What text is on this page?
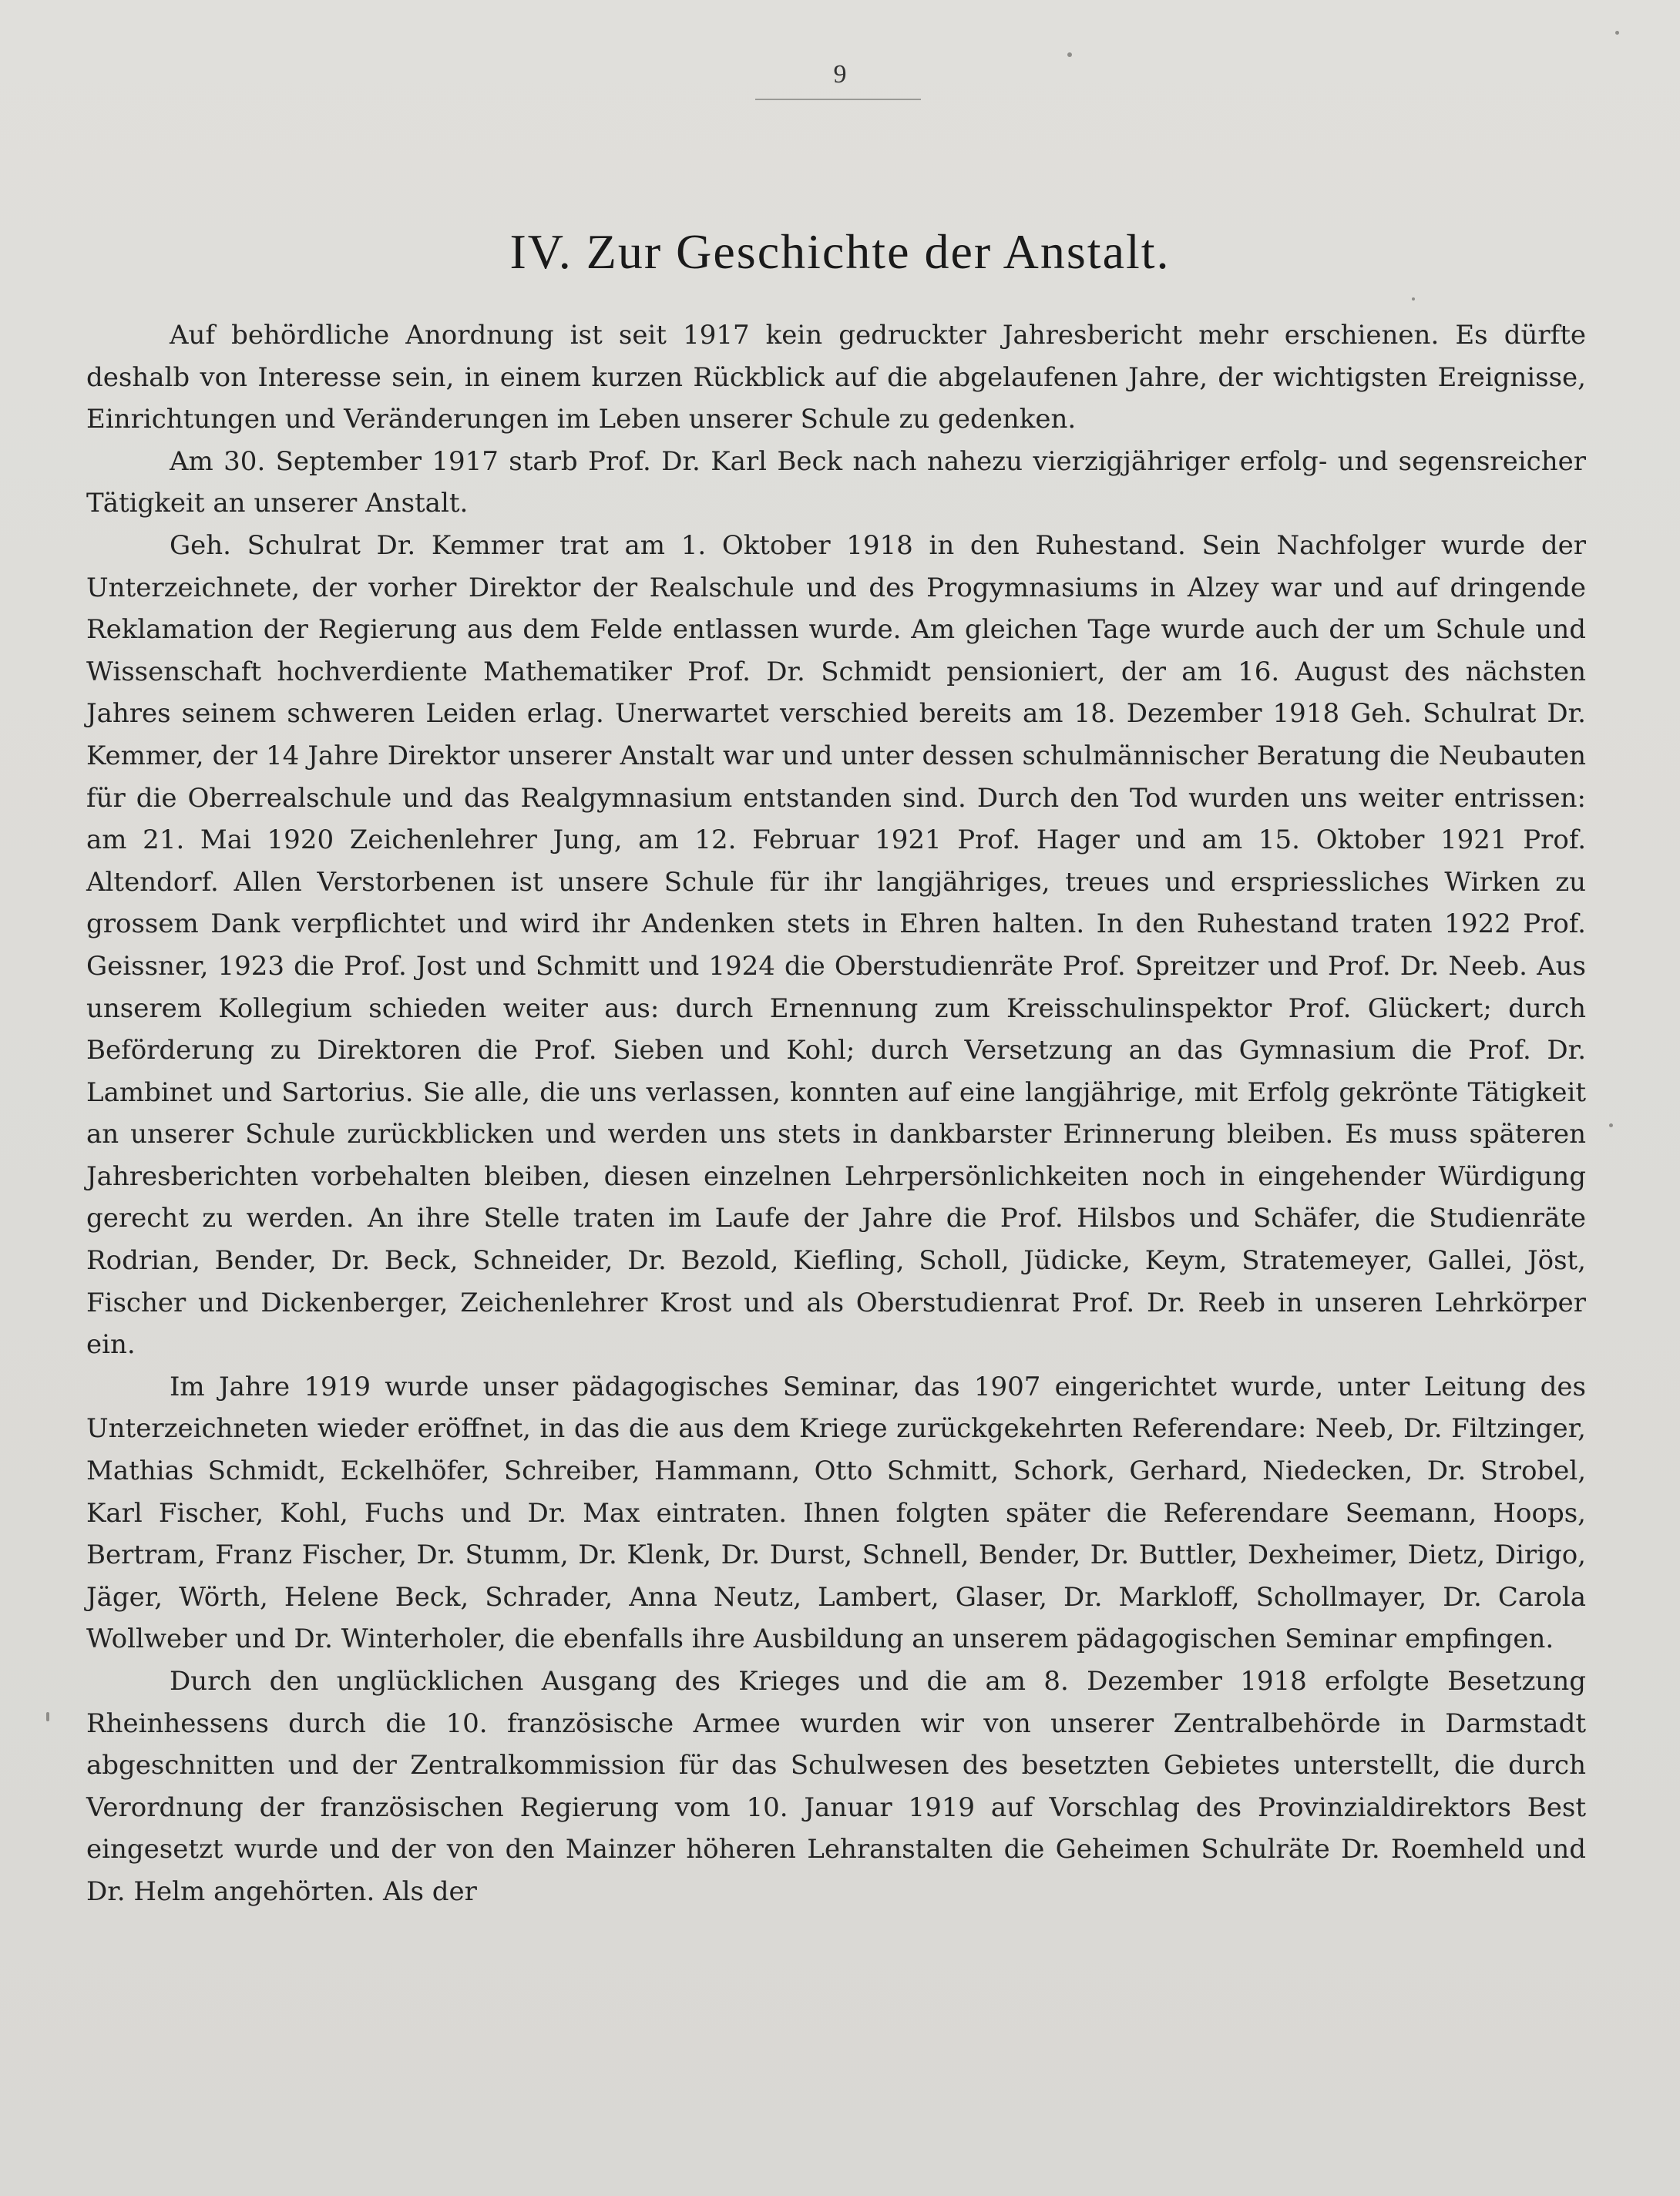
9
IV. Zur Geschichte der Anstalt.

Auf behördliche Anordnung ist seit 1917 kein gedruckter Jahresbericht mehr erschienen. Es dürfte deshalb von Interesse sein, in einem kurzen Rückblick auf die abgelaufenen Jahre, der wichtigsten Ereignisse, Einrichtungen und Veränderungen im Leben unserer Schule zu gedenken.

Am 30. September 1917 starb Prof. Dr. Karl Beck nach nahezu vierzigjähriger erfolg- und segensreicher Tätigkeit an unserer Anstalt.

Geh. Schulrat Dr. Kemmer trat am 1. Oktober 1918 in den Ruhestand. Sein Nachfolger wurde der Unterzeichnete, der vorher Direktor der Realschule und des Progymnasiums in Alzey war und auf dringende Reklamation der Regierung aus dem Felde entlassen wurde. Am gleichen Tage wurde auch der um Schule und Wissenschaft hochverdiente Mathematiker Prof. Dr. Schmidt pensioniert, der am 16. August des nächsten Jahres seinem schweren Leiden erlag. Unerwartet verschied bereits am 18. Dezember 1918 Geh. Schulrat Dr. Kemmer, der 14 Jahre Direktor unserer Anstalt war und unter dessen schulmännischer Beratung die Neubauten für die Oberrealschule und das Realgymnasium entstanden sind. Durch den Tod wurden uns weiter entrissen: am 21. Mai 1920 Zeichenlehrer Jung, am 12. Februar 1921 Prof. Hager und am 15. Oktober 1921 Prof. Altendorf. Allen Verstorbenen ist unsere Schule für ihr langjähriges, treues und erspriessliches Wirken zu grossem Dank verpflichtet und wird ihr Andenken stets in Ehren halten. In den Ruhestand traten 1922 Prof. Geissner, 1923 die Prof. Jost und Schmitt und 1924 die Oberstudienräte Prof. Spreitzer und Prof. Dr. Neeb. Aus unserem Kollegium schieden weiter aus: durch Ernennung zum Kreisschulinspektor Prof. Glückert; durch Beförderung zu Direktoren die Prof. Sieben und Kohl; durch Versetzung an das Gymnasium die Prof. Dr. Lambinet und Sartorius. Sie alle, die uns verlassen, konnten auf eine langjährige, mit Erfolg gekrönte Tätigkeit an unserer Schule zurückblicken und werden uns stets in dankbarster Erinnerung bleiben. Es muss späteren Jahresberichten vorbehalten bleiben, diesen einzelnen Lehrpersönlichkeiten noch in eingehender Würdigung gerecht zu werden. An ihre Stelle traten im Laufe der Jahre die Prof. Hilsbos und Schäfer, die Studienräte Rodrian, Bender, Dr. Beck, Schneider, Dr. Bezold, Kiefling, Scholl, Jüdicke, Keym, Stratemeyer, Gallei, Jöst, Fischer und Dickenberger, Zeichenlehrer Krost und als Oberstudienrat Prof. Dr. Reeb in unseren Lehrkörper ein.

Im Jahre 1919 wurde unser pädagogisches Seminar, das 1907 eingerichtet wurde, unter Leitung des Unterzeichneten wieder eröffnet, in das die aus dem Kriege zurückgekehrten Referendare: Neeb, Dr. Filtzinger, Mathias Schmidt, Eckelhöfer, Schreiber, Hammann, Otto Schmitt, Schork, Gerhard, Niedecken, Dr. Strobel, Karl Fischer, Kohl, Fuchs und Dr. Max eintraten. Ihnen folgten später die Referendare Seemann, Hoops, Bertram, Franz Fischer, Dr. Stumm, Dr. Klenk, Dr. Durst, Schnell, Bender, Dr. Buttler, Dexheimer, Dietz, Dirigo, Jäger, Wörth, Helene Beck, Schrader, Anna Neutz, Lambert, Glaser, Dr. Markloff, Schollmayer, Dr. Carola Wollweber und Dr. Winterholer, die ebenfalls ihre Ausbildung an unserem pädagogischen Seminar empfingen.

Durch den unglücklichen Ausgang des Krieges und die am 8. Dezember 1918 erfolgte Besetzung Rheinhessens durch die 10. französische Armee wurden wir von unserer Zentralbehörde in Darmstadt abgeschnitten und der Zentralkommission für das Schulwesen des besetzten Gebietes unterstellt, die durch Verordnung der französischen Regierung vom 10. Januar 1919 auf Vorschlag des Provinzialdirektors Best eingesetzt wurde und der von den Mainzer höheren Lehranstalten die Geheimen Schulräte Dr. Roemheld und Dr. Helm angehörten. Als der
